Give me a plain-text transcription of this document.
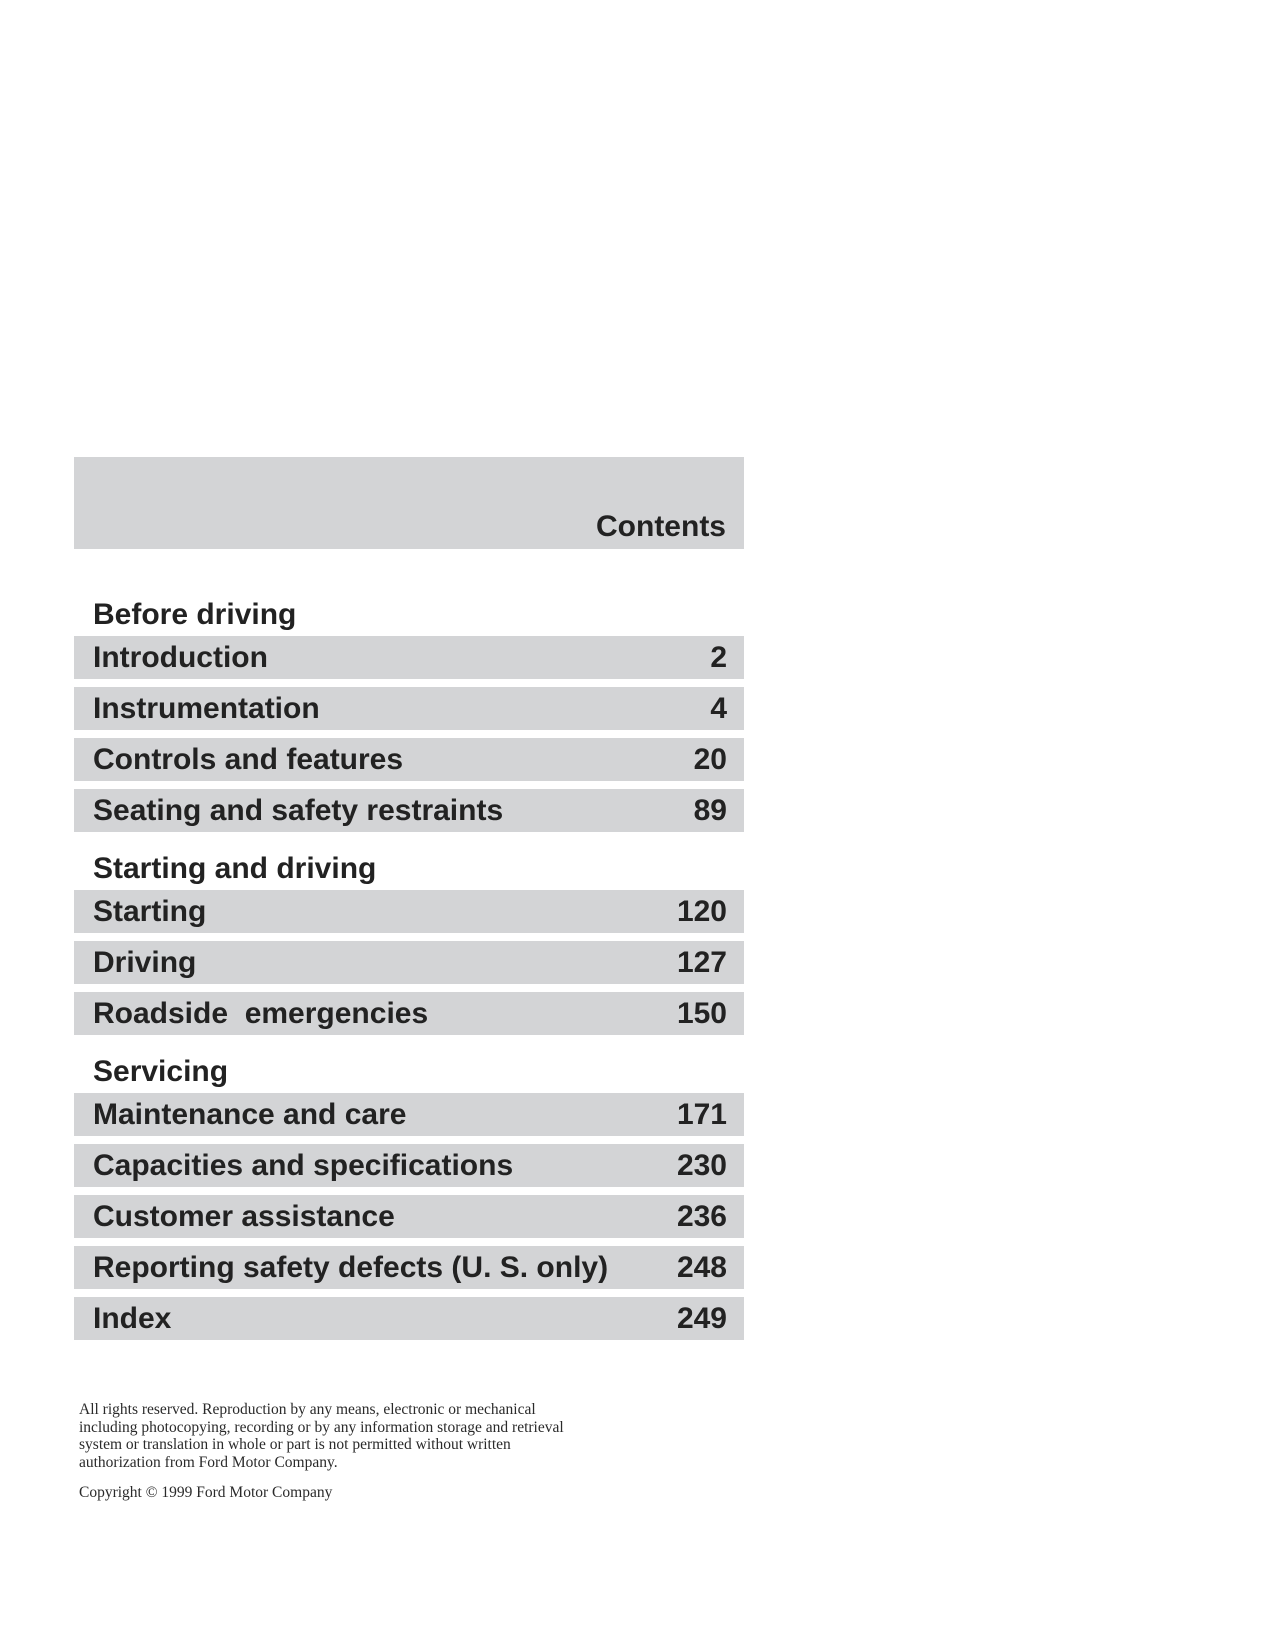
Contents
Before driving
Introduction	2
Instrumentation	4
Controls and features	20
Seating and safety restraints	89
Starting and driving
Starting	120
Driving	127
Roadside  emergencies	150
Servicing
Maintenance and care	171
Capacities and specifications	230
Customer assistance	236
Reporting safety defects (U. S. only) 248
Index	249
All rights reserved. Reproduction by any means, electronic or mechanical
including photocopying, recording or by any information storage and retrieval
system or translation in whole or part is not permitted without written
authorization from Ford Motor Company.
Copyright © 1999 Ford Motor Company
